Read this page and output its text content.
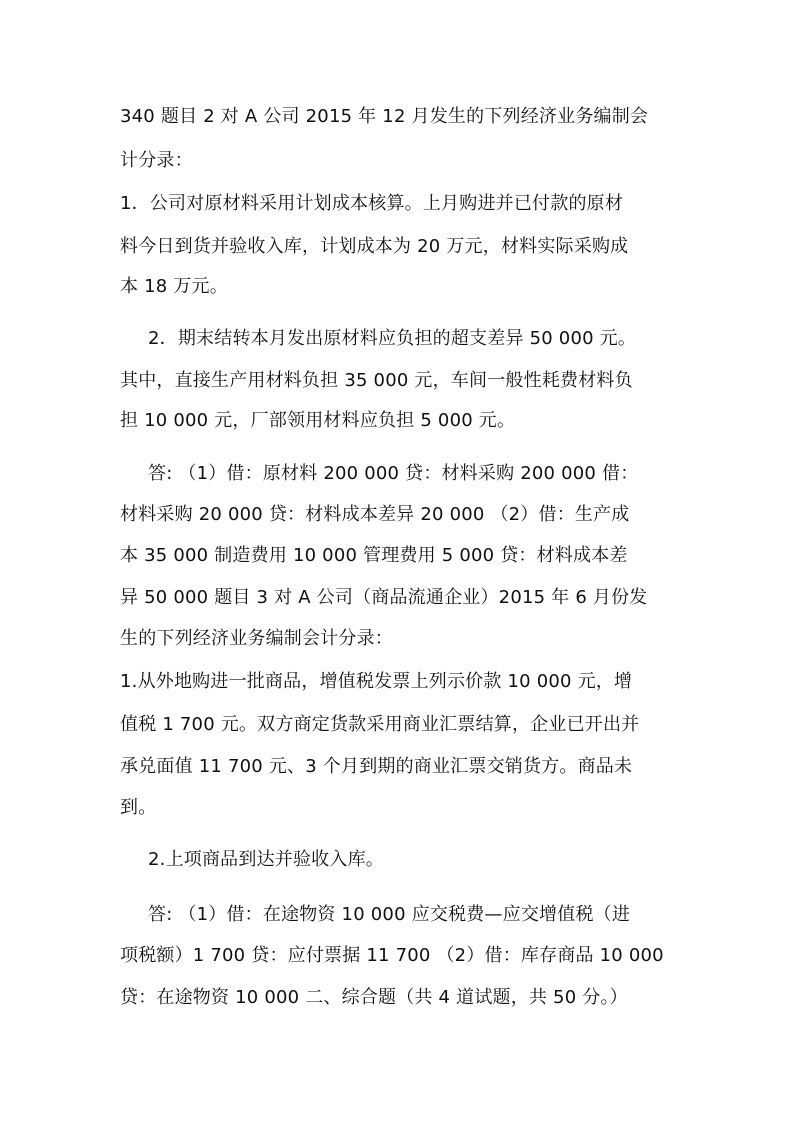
340 题目 2 对 A 公司 2015 年 12 月发生的下列经济业务编制会
计分录：
1．公司对原材料采用计划成本核算。上月购进并已付款的原材
料今日到货并验收入库，计划成本为 20 万元，材料实际采购成
本 18 万元。
2．期末结转本月发出原材料应负担的超支差异 50 000 元。
其中，直接生产用材料负担 35 000 元，车间一般性耗费材料负
担 10 000 元，厂部领用材料应负担 5 000 元。
答: （1）借：原材料 200 000 贷：材料采购 200 000 借：
材料采购 20 000 贷：材料成本差异 20 000 （2）借：生产成
本 35 000 制造费用 10 000 管理费用 5 000 贷：材料成本差
异 50 000 题目 3 对 A 公司（商品流通企业）2015 年 6 月份发
生的下列经济业务编制会计分录：
1.从外地购进一批商品，增值税发票上列示价款 10 000 元，增
值税 1 700 元。双方商定货款采用商业汇票结算，企业已开出并
承兑面值 11 700 元、3 个月到期的商业汇票交销货方。商品未
到。
2.上项商品到达并验收入库。
答: （1）借：在途物资 10 000 应交税费—应交增值税（进
项税额）1 700 贷：应付票据 11 700 （2）借：库存商品 10 000
贷：在途物资 10 000 二、综合题（共 4 道试题，共 50 分。）
